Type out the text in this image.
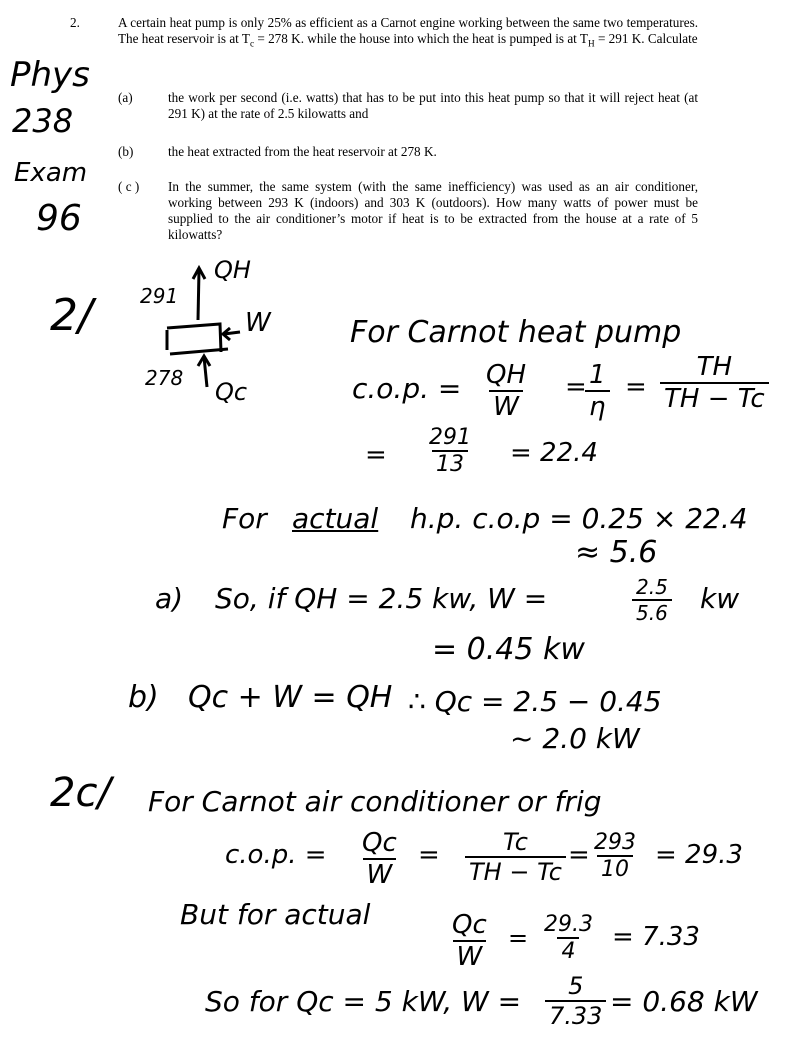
2.	A certain heat pump is only 25% as efficient as a Carnot engine working between the same two temperatures. The heat reservoir is at $T_c = 278$ K. while the house into which the heat is pumped is at $T_H = 291$ K. Calculate
(a)	the work per second (i.e. watts) that has to be put into this heat pump so that it will reject heat (at 291 K) at the rate of 2.5 kilowatts and
(b)	the heat extracted from the heat reservoir at 278 K.
( c ) In the summer, the same system (with the same inefficiency) was used as an air conditioner, working between 293 K (indoors) and 303 K (outdoors). How many watts of power must be supplied to the air conditioner’s motor if heat is to be extracted from the house at a rate of 5 kilowatts?
Phys
238
Exam
96
2/
2c/
291
278
QH
Qc
W	For Carnot heat pump
c.o.p. = $\frac{QH}{W}$ =
$\frac{1}{\eta} = \frac{TH}{TH - Tc}$
= $\frac{291}{13} = 22.4$
For actual h.p. c.o.p = 0.25 × 22.4
≈ 5.6
a) So, if QH = 2.5 kw, W =	$\frac{2.5}{5.6}$ kw
= 0.45 kw
b) Qc + W = QH ∴ Qc = 2.5 − 0.45
~ 2.0 kW
For Carnot air conditioner or frig
c.o.p. = $\frac{Qc}{W} = \frac{Tc}{TH - Tc} = \frac{293}{10} = 29.3$
But for actual	$\frac{Qc}{W} = \frac{29.3}{4} = 7.33$
So for Qc = 5 kW, $W = \frac{5}{7.33} = 0.68$ kW
